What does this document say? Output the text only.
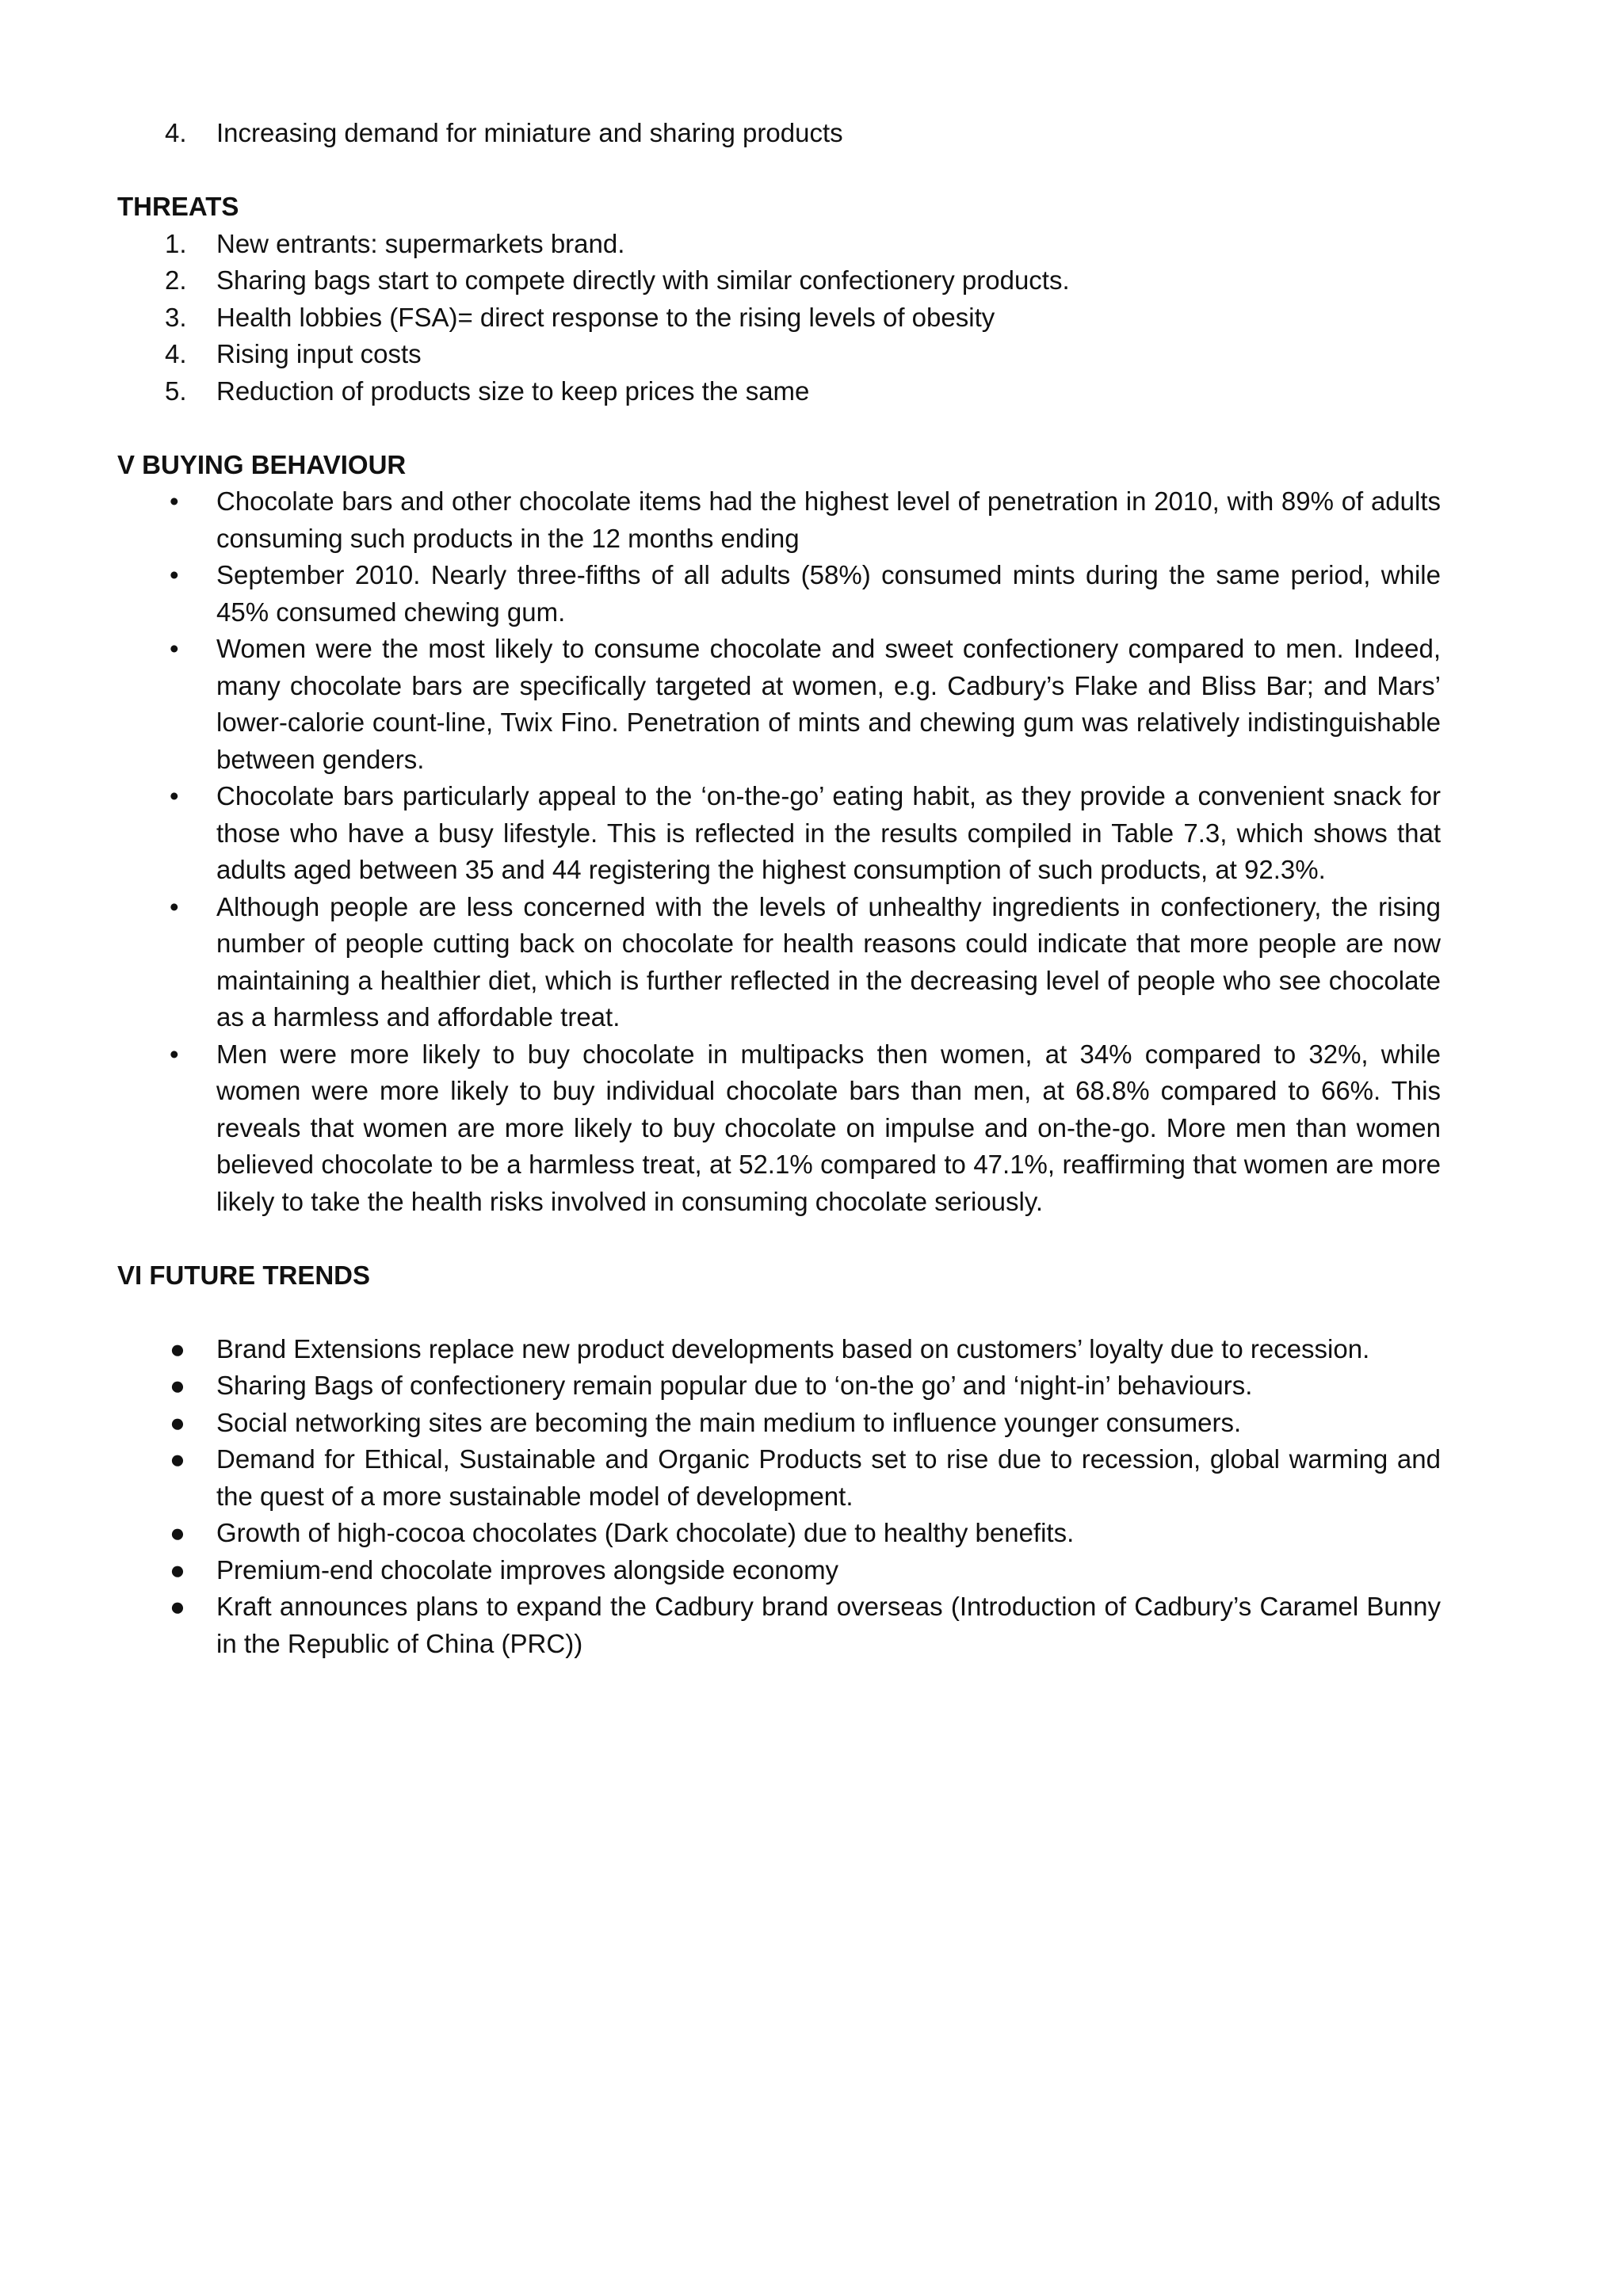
4. Increasing demand for miniature and sharing products
THREATS
1. New entrants: supermarkets brand.
2. Sharing bags start to compete directly with similar confectionery products.
3. Health lobbies (FSA)= direct response to the rising levels of obesity
4. Rising input costs
5. Reduction of products size to keep prices the same
V BUYING BEHAVIOUR
• Chocolate bars and other chocolate items had the highest level of penetration in 2010, with 89% of adults consuming such products in the 12 months ending
• September 2010. Nearly three-fifths of all adults (58%) consumed mints during the same period, while 45% consumed chewing gum.
• Women were the most likely to consume chocolate and sweet confectionery compared to men. Indeed, many chocolate bars are specifically targeted at women, e.g. Cadbury’s Flake and Bliss Bar; and Mars’ lower-calorie count-line, Twix Fino. Penetration of mints and chewing gum was relatively indistinguishable between genders.
• Chocolate bars particularly appeal to the ‘on-the-go’ eating habit, as they provide a convenient snack for those who have a busy lifestyle. This is reflected in the results compiled in Table 7.3, which shows that adults aged between 35 and 44 registering the highest consumption of such products, at 92.3%.
• Although people are less concerned with the levels of unhealthy ingredients in confectionery, the rising number of people cutting back on chocolate for health reasons could indicate that more people are now maintaining a healthier diet, which is further reflected in the decreasing level of people who see chocolate as a harmless and affordable treat.
• Men were more likely to buy chocolate in multipacks then women, at 34% compared to 32%, while women were more likely to buy individual chocolate bars than men, at 68.8% compared to 66%. This reveals that women are more likely to buy chocolate on impulse and on-the-go. More men than women believed chocolate to be a harmless treat, at 52.1% compared to 47.1%, reaffirming that women are more likely to take the health risks involved in consuming chocolate seriously.
VI FUTURE TRENDS
● Brand Extensions replace new product developments based on customers’ loyalty due to recession.
● Sharing Bags of confectionery remain popular due to ‘on-the go’ and ‘night-in’ behaviours.
● Social networking sites are becoming the main medium to influence younger consumers.
● Demand for Ethical, Sustainable and Organic Products set to rise due to recession, global warming and the quest of a more sustainable model of development.
● Growth of high-cocoa chocolates (Dark chocolate) due to healthy benefits.
● Premium-end chocolate improves alongside economy
● Kraft announces plans to expand the Cadbury brand overseas (Introduction of Cadbury’s Caramel Bunny in the Republic of China (PRC))
